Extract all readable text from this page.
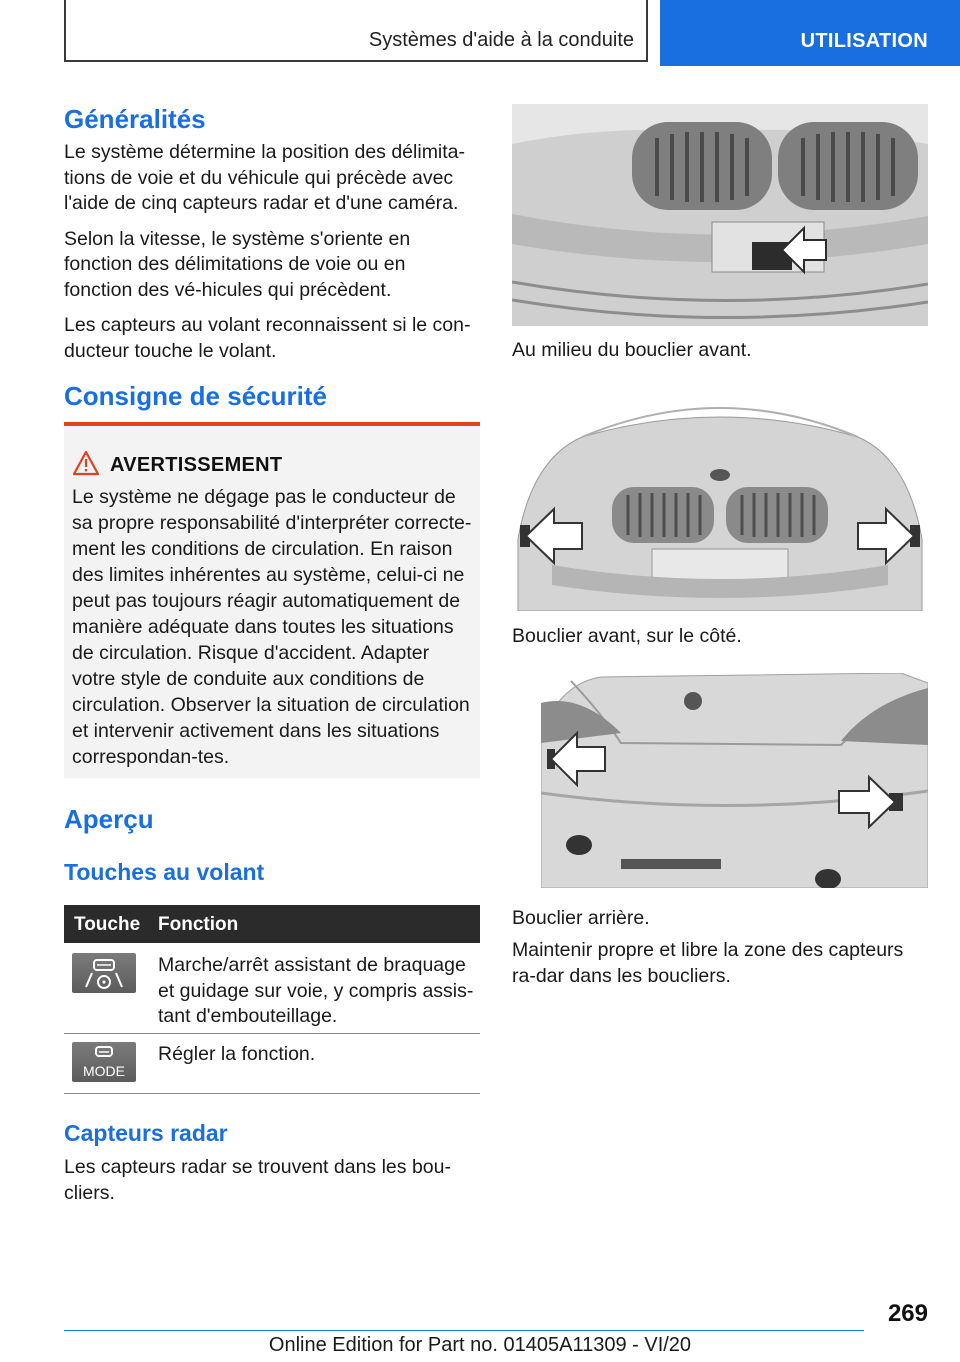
Systèmes d'aide à la conduite	UTILISATION
Généralités

Le système détermine la position des délimita-tions de voie et du véhicule qui précède avec l'aide de cinq capteurs radar et d'une caméra.

Selon la vitesse, le système s'oriente en fonction des délimitations de voie ou en fonction des vé-hicules qui précèdent.

Les capteurs au volant reconnaissent si le con-ducteur touche le volant.

Consigne de sécurité
AVERTISSEMENT
Le système ne dégage pas le conducteur de sa propre responsabilité d'interpréter correcte-ment les conditions de circulation. En raison des limites inhérentes au système, celui-ci ne peut pas toujours réagir automatiquement de manière adéquate dans toutes les situations de circulation. Risque d'accident. Adapter votre style de conduite aux conditions de circulation. Observer la situation de circulation et intervenir activement dans les situations correspondan-tes.
Aperçu
Touches au volant
Touche Fonction
Marche/arrêt assistant de braquage et guidage sur voie, y compris assis-tant d'embouteillage.
MODE
Régler la fonction.
Capteurs radar
Les capteurs radar se trouvent dans les bou-cliers.
Au milieu du bouclier avant.
Bouclier avant, sur le côté.
Bouclier arrière.
Maintenir propre et libre la zone des capteurs ra-dar dans les boucliers.
269
Online Edition for Part no. 01405A11309 - VI/20
